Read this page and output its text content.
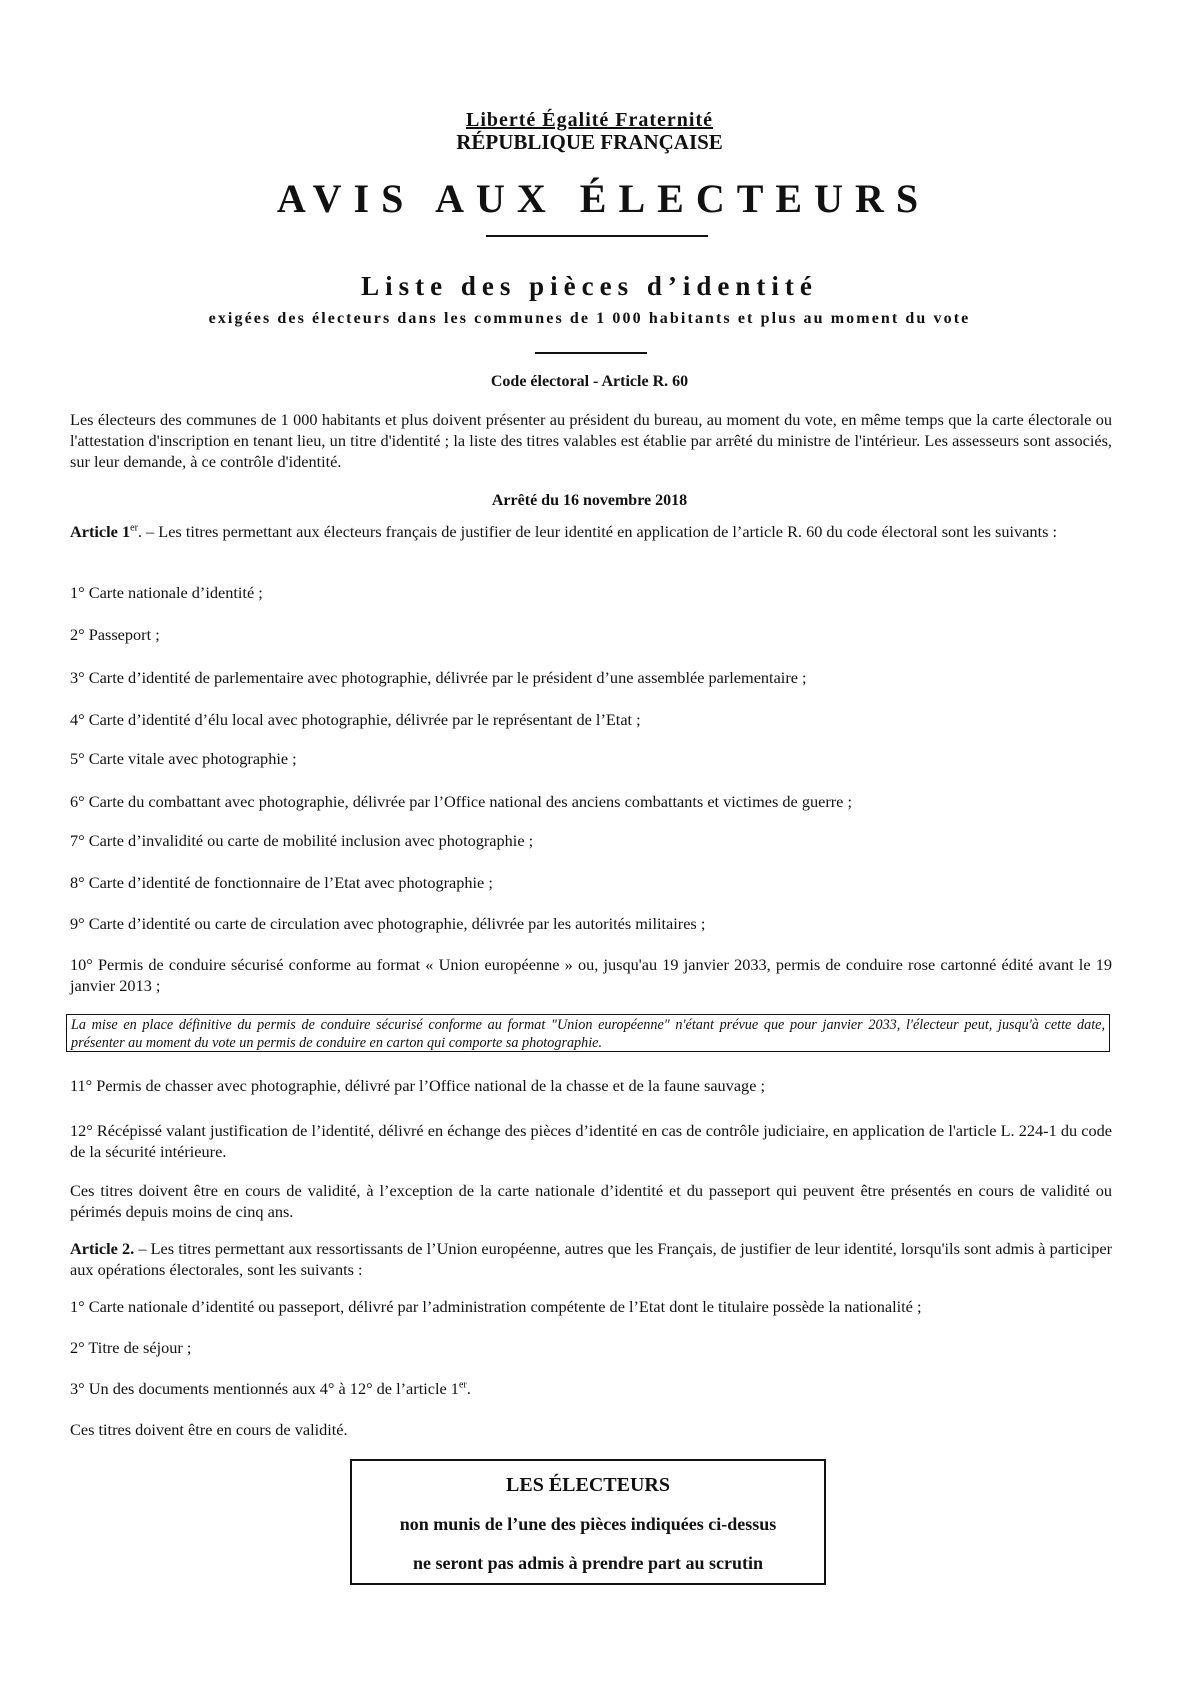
Liberté Égalité Fraternité
RÉPUBLIQUE FRANÇAISE
AVIS AUX ÉLECTEURS
Liste des pièces d’identité
exigées des électeurs dans les communes de 1 000 habitants et plus au moment du vote
Code électoral - Article R. 60
Les électeurs des communes de 1 000 habitants et plus doivent présenter au président du bureau, au moment du vote, en même temps que la carte électorale ou l'attestation d'inscription en tenant lieu, un titre d'identité ; la liste des titres valables est établie par arrêté du ministre de l'intérieur. Les assesseurs sont associés, sur leur demande, à ce contrôle d'identité.
Arrêté du 16 novembre 2018
Article 1er. – Les titres permettant aux électeurs français de justifier de leur identité en application de l’article R. 60 du code électoral sont les suivants :
1° Carte nationale d’identité ;
2° Passeport ;
3° Carte d’identité de parlementaire avec photographie, délivrée par le président d’une assemblée parlementaire ;
4° Carte d’identité d’élu local avec photographie, délivrée par le représentant de l’Etat ;
5° Carte vitale avec photographie ;
6° Carte du combattant avec photographie, délivrée par l’Office national des anciens combattants et victimes de guerre ;
7° Carte d’invalidité ou carte de mobilité inclusion avec photographie ;
8° Carte d’identité de fonctionnaire de l’Etat avec photographie ;
9° Carte d’identité ou carte de circulation avec photographie, délivrée par les autorités militaires ;
10° Permis de conduire sécurisé conforme au format « Union européenne » ou, jusqu'au 19 janvier 2033, permis de conduire rose cartonné édité avant le 19 janvier 2013 ;
La mise en place définitive du permis de conduire sécurisé conforme au format "Union européenne" n'étant prévue que pour janvier 2033, l'électeur peut, jusqu'à cette date, présenter au moment du vote un permis de conduire en carton qui comporte sa photographie.
11° Permis de chasser avec photographie, délivré par l’Office national de la chasse et de la faune sauvage ;
12° Récépissé valant justification de l’identité, délivré en échange des pièces d’identité en cas de contrôle judiciaire, en application de l'article L. 224-1 du code de la sécurité intérieure.
Ces titres doivent être en cours de validité, à l’exception de la carte nationale d’identité et du passeport qui peuvent être présentés en cours de validité ou périmés depuis moins de cinq ans.
Article 2. – Les titres permettant aux ressortissants de l’Union européenne, autres que les Français, de justifier de leur identité, lorsqu'ils sont admis à participer aux opérations électorales, sont les suivants :
1° Carte nationale d’identité ou passeport, délivré par l’administration compétente de l’Etat dont le titulaire possède la nationalité ;
2° Titre de séjour ;
3° Un des documents mentionnés aux 4° à 12° de l’article 1er.
Ces titres doivent être en cours de validité.
LES ÉLECTEURS
non munis de l’une des pièces indiquées ci-dessus
ne seront pas admis à prendre part au scrutin
